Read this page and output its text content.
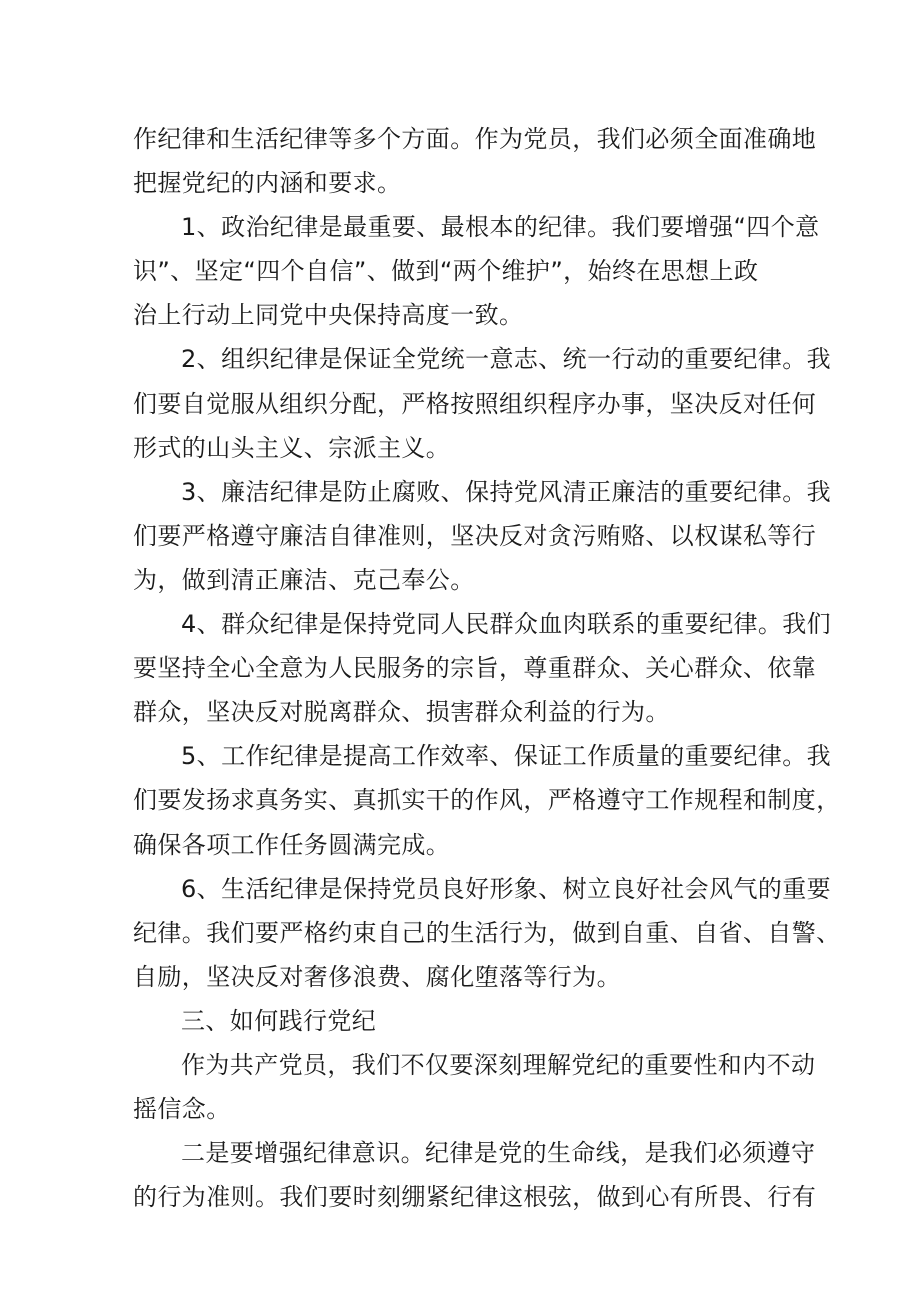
作纪律和生活纪律等多个方面。作为党员，我们必须全面准确地
把握党纪的内涵和要求。
1、政治纪律是最重要、最根本的纪律。我们要增强“四个意
识”、坚定“四个自信”、做到“两个维护”，始终在思想上政
治上行动上同党中央保持高度一致。
2、组织纪律是保证全党统一意志、统一行动的重要纪律。我
们要自觉服从组织分配，严格按照组织程序办事，坚决反对任何
形式的山头主义、宗派主义。
3、廉洁纪律是防止腐败、保持党风清正廉洁的重要纪律。我
们要严格遵守廉洁自律准则，坚决反对贪污贿赂、以权谋私等行
为，做到清正廉洁、克己奉公。
4、群众纪律是保持党同人民群众血肉联系的重要纪律。我们
要坚持全心全意为人民服务的宗旨，尊重群众、关心群众、依靠
群众，坚决反对脱离群众、损害群众利益的行为。
5、工作纪律是提高工作效率、保证工作质量的重要纪律。我
们要发扬求真务实、真抓实干的作风，严格遵守工作规程和制度，
确保各项工作任务圆满完成。
6、生活纪律是保持党员良好形象、树立良好社会风气的重要
纪律。我们要严格约束自己的生活行为，做到自重、自省、自警、
自励，坚决反对奢侈浪费、腐化堕落等行为。
三、如何践行党纪
作为共产党员，我们不仅要深刻理解党纪的重要性和内不动
摇信念。
二是要增强纪律意识。纪律是党的生命线，是我们必须遵守
的行为准则。我们要时刻绷紧纪律这根弦，做到心有所畏、行有
